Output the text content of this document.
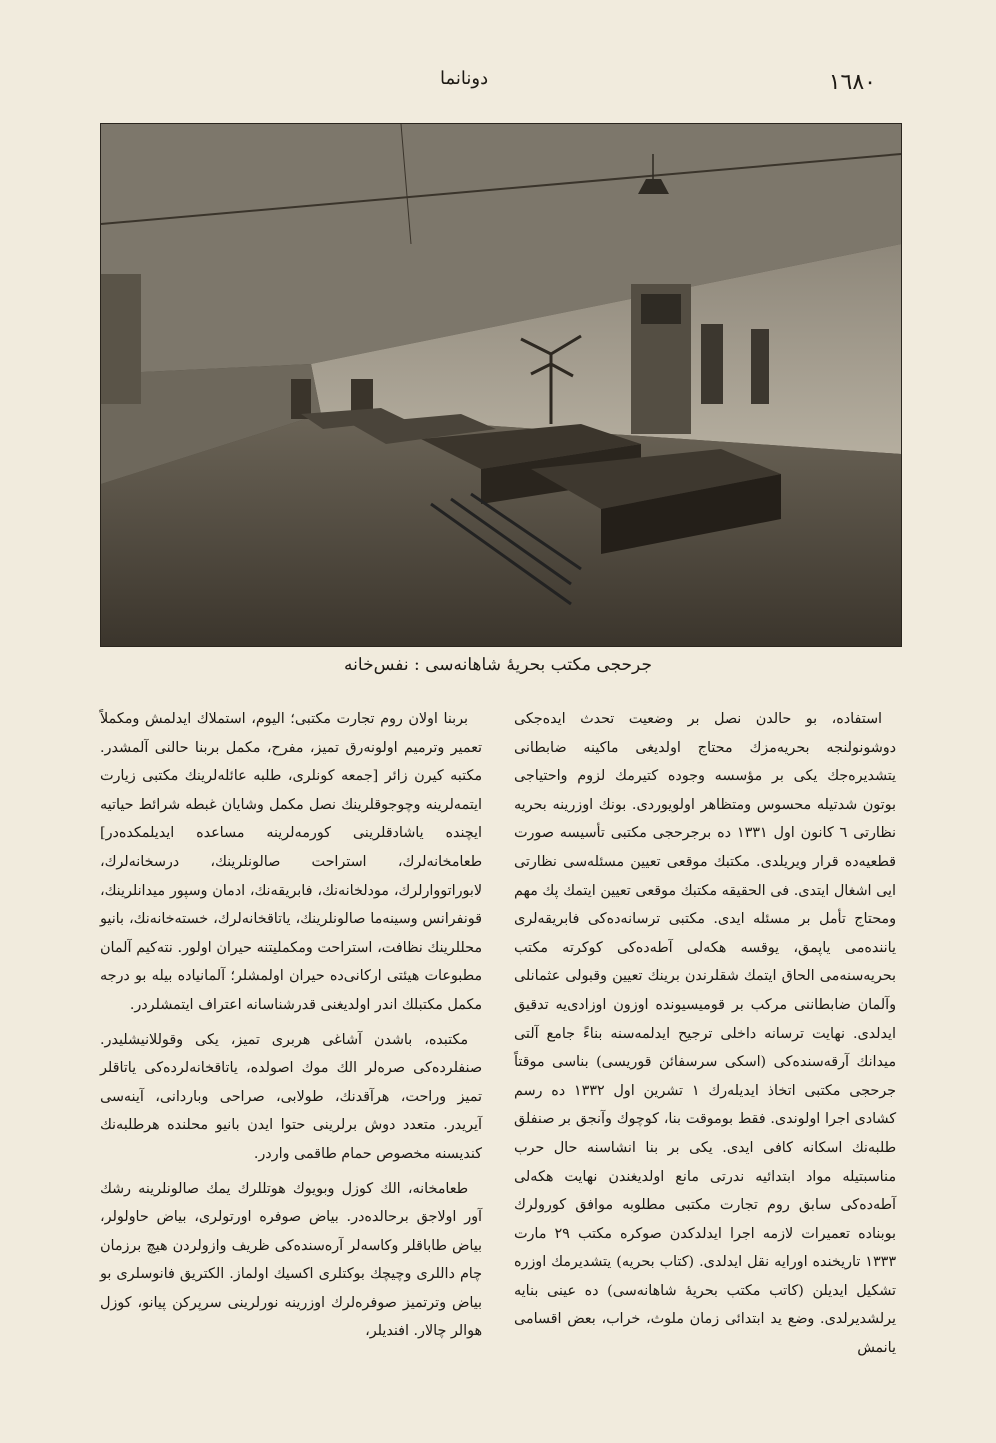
١٦٨٠
دونانما
جرحجی مکتب بحریهٔ شاهانه‌سی : نفس‌خانه

استفاده، بو حالدن نصل بر وضعیت تحدث ایده‌جکی دوشونولنجه بحریه‌مزك محتاج اولدیغی ماکینه ضابطانی یتشدیره‌جك یکی بر مؤسسه وجوده کتیرمك لزوم واحتیاجی بوتون شدتیله محسوس ومتظاهر اولویوردی. بونك اوزرینه بحریه نظارتی ٦ کانون اول ١٣٣١ ده برجرحجی مکتبی تأسیسه صورت قطعیه‌ده قرار ویریلدی. مکتبك موقعی تعیین مسئله‌سی نظارتی ایی اشغال ایتدی. فی الحقیقه مکتبك موقعی تعیین ایتمك پك مهم ومحتاج تأمل بر مسئله ایدی. مکتبی ترسانه‌ده‌کی فابریقه‌لری یاننده‌می یاپمق، یوقسه هکه‌لی آطه‌ده‌کی کوکرته مکتب بحریه‌سنه‌می الحاق ایتمك شقلرندن برینك تعیین وقبولی عثمانلی وآلمان ضابطاننی مرکب بر قومیسیونده اوزون اوزادی‌یه تدقیق ایدلدی. نهایت ترسانه داخلی ترجیح ایدلمه‌سنه بناءً جامع آلتی میدانك آرقه‌سنده‌کی (اسکی سرسفائن قوریسی) بناسی موقتاً جرحجی مکتبی اتخاذ ایدیله‌رك ١ تشرین اول ١٣٣٢ ده رسم کشادی اجرا اولوندی. فقط بوموقت بنا، کوچوك وآنجق بر صنفلق طلبه‌نك اسکانه کافی ایدی. یکی بر بنا انشاسنه حال حرب مناسبتیله مواد ابتدائیه ندرتی مانع اولدیغندن نهایت هکه‌لی آطه‌ده‌کی سابق روم تجارت مکتبی مطلوبه موافق کورولرك بوبناده تعمیرات لازمه اجرا ایدلدکدن صوکره مکتب ٢٩ مارت ١٣٣٣ تاریخنده اورایه نقل ایدلدی. (کتاب بحریه) یتشدیرمك اوزره تشکیل ایدیلن (کاتب مکتب بحریهٔ شاهانه‌سی) ده عینی بنایه یرلشدیرلدی. وضع ید ابتدائی زمان ملوث، خراب، بعض اقسامی یانمش

بربنا اولان روم تجارت مکتبی؛ الیوم، استملاك ایدلمش ومکملاً تعمیر وترمیم اولونه‌رق تمیز، مفرح، مکمل بربنا حالنی آلمشدر. مکتبه کیرن زائر [جمعه کونلری، طلبه عائله‌لرینك مکتبی زیارت ایتمه‌لرینه وچوجوقلرینك نصل مکمل وشایان غبطه شرائط حیاتیه ایچنده یاشادقلرینی کورمه‌لرینه مساعده ایدیلمکده‌در] طعامخانه‌لرك، استراحت صالونلرینك، درسخانه‌لرك، لابوراتووارلرك، مودلخانه‌نك، فابریقه‌نك، ادمان وسپور میدانلرینك، قونفرانس وسینه‌ما صالونلرینك، یاتاقخانه‌لرك، خسته‌خانه‌نك، بانیو محللرینك نظافت، استراحت ومکملیتنه حیران اولور. نته‌کیم آلمان مطبوعات هیئتی ارکانی‌ده حیران اولمشلر؛ آلمانیاده بیله بو درجه مکمل مکتبلك اندر اولدیغنی قدرشناسانه اعتراف ایتمشلردر.

مکتبده، باشدن آشاغی هربری تمیز، یکی وقوللانیشلیدر. صنفلرده‌کی صره‌لر الك موك اصولده، یاتاقخانه‌لرده‌کی یاتاقلر تمیز وراحت، هرآقدنك، طولابی، صراحی وباردانی، آینه‌سی آیریدر. متعدد دوش برلرینی حتوا ایدن بانیو محلنده هرطلبه‌نك کندیسنه مخصوص حمام طاقمی واردر.

طعامخانه، الك کوزل وبویوك هوتللرك یمك صالونلرینه رشك آور اولاجق برحالده‌در. بیاض صوفره اورتولری، بیاض حاولولر، بیاض طاباقلر وکاسه‌لر آره‌سنده‌کی ظریف وازولردن هیچ برزمان چام داللری وچیچك بوکتلری اکسیك اولماز. الکتریق فانوسلری بو بیاض وترتمیز صوفره‌لرك اوزرینه نورلرینی سرپرکن پیانو، کوزل هوالر چالار. افندیلر،
